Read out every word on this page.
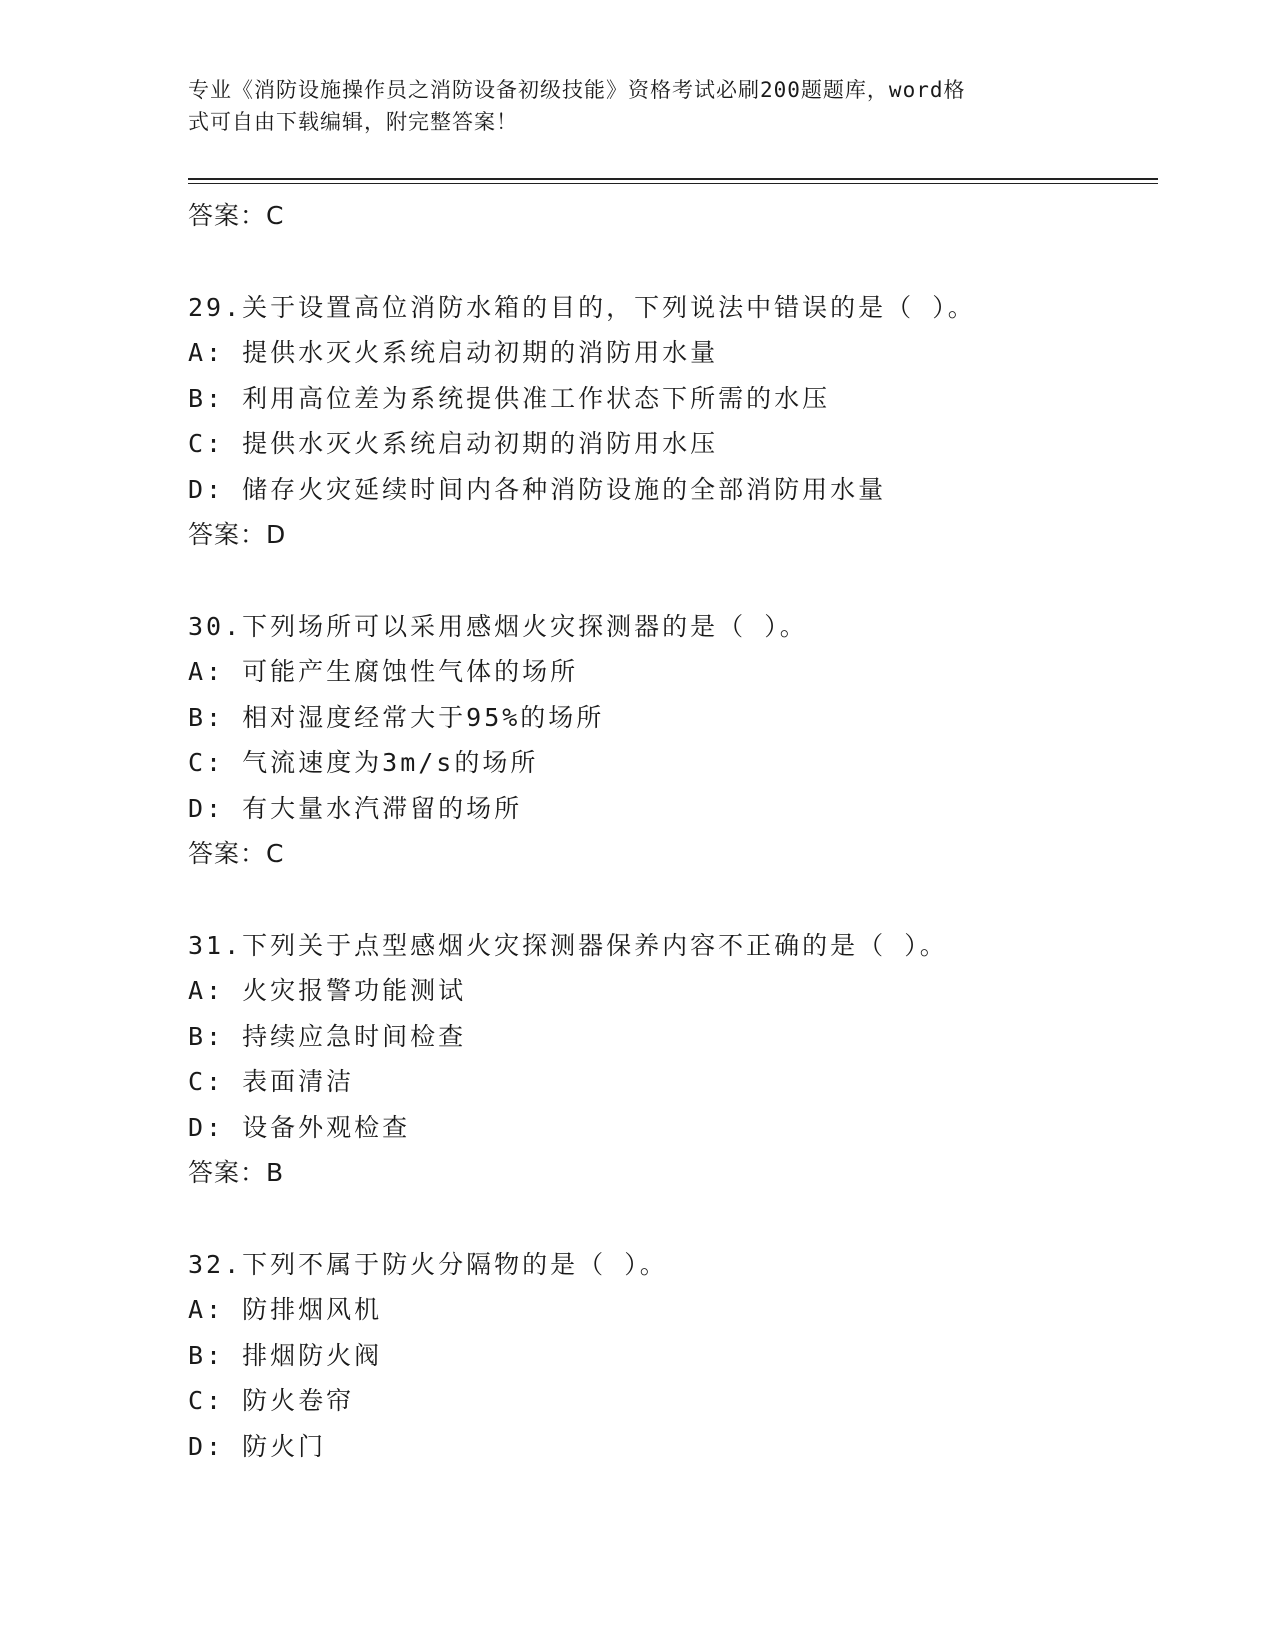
专业《消防设施操作员之消防设备初级技能》资格考试必刷200题题库，word格
式可自由下载编辑，附完整答案！
答案：C
29.关于设置高位消防水箱的目的，下列说法中错误的是（ ）。
A: 提供水灭火系统启动初期的消防用水量
B: 利用高位差为系统提供准工作状态下所需的水压
C: 提供水灭火系统启动初期的消防用水压
D: 储存火灾延续时间内各种消防设施的全部消防用水量
答案：D
30.下列场所可以采用感烟火灾探测器的是（ ）。
A: 可能产生腐蚀性气体的场所
B: 相对湿度经常大于95%的场所
C: 气流速度为3m/s的场所
D: 有大量水汽滞留的场所
答案：C
31.下列关于点型感烟火灾探测器保养内容不正确的是（ ）。
A: 火灾报警功能测试
B: 持续应急时间检查
C: 表面清洁
D: 设备外观检查
答案：B
32.下列不属于防火分隔物的是（ ）。
A: 防排烟风机
B: 排烟防火阀
C: 防火卷帘
D: 防火门
